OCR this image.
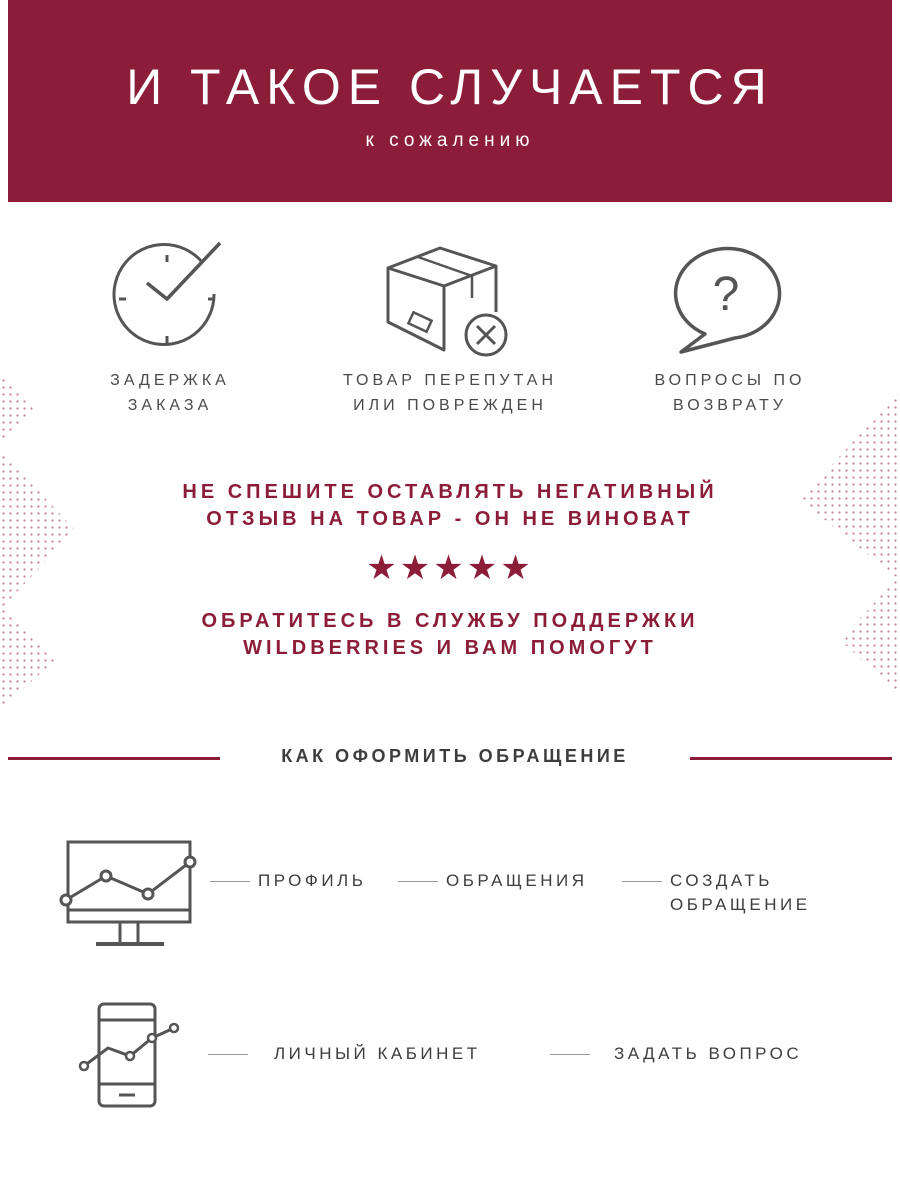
И ТАКОЕ СЛУЧАЕТСЯ
к сожалению
?
ЗАДЕРЖКА
ЗАКАЗА
ТОВАР ПЕРЕПУТАН
ИЛИ ПОВРЕЖДЕН
ВОПРОСЫ ПО
ВОЗВРАТУ
НЕ СПЕШИТЕ ОСТАВЛЯТЬ НЕГАТИВНЫЙ
ОТЗЫВ НА ТОВАР - ОН НЕ ВИНОВАТ
★★★★★
ОБРАТИТЕСЬ В СЛУЖБУ ПОДДЕРЖКИ
WILDBERRIES И ВАМ ПОМОГУТ
КАК ОФОРМИТЬ ОБРАЩЕНИЕ
ПРОФИЛЬ	ОБРАЩЕНИЯ	СОЗДАТЬ
ОБРАЩЕНИЕ
ЛИЧНЫЙ КАБИНЕТ	ЗАДАТЬ ВОПРОС
